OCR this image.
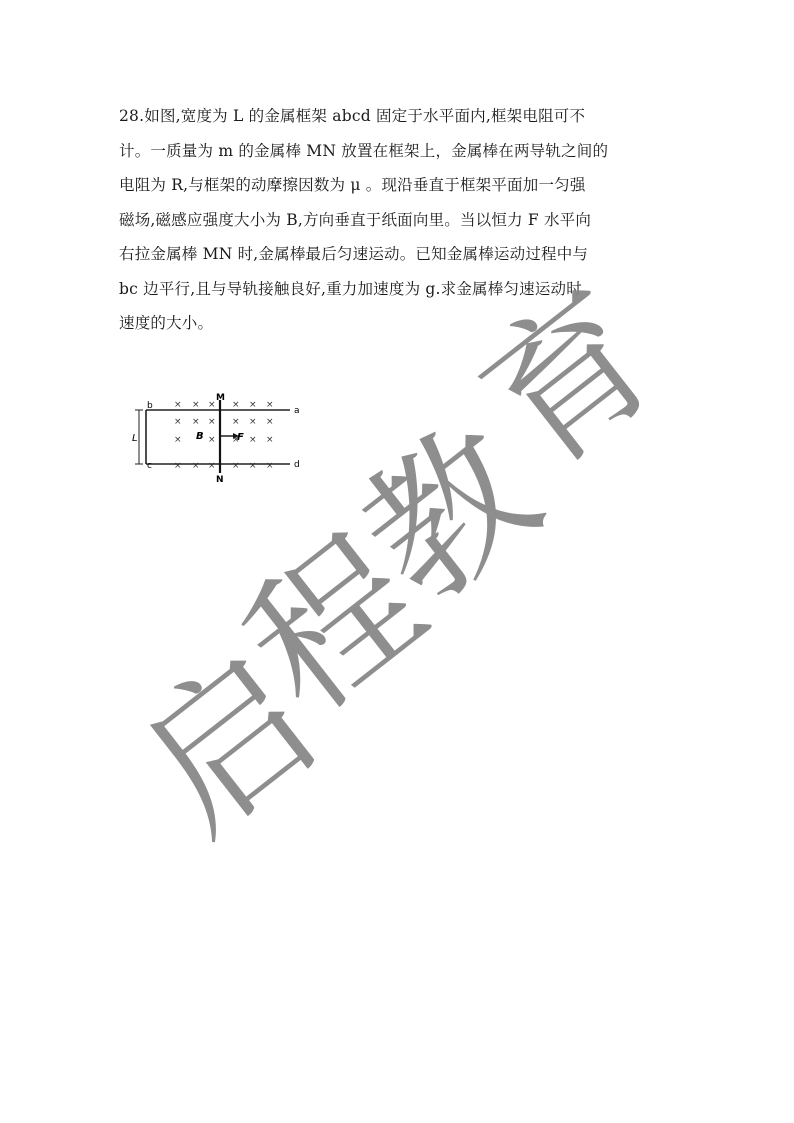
28.如图,宽度为 L 的金属框架 abcd 固定于水平面内,框架电阻可不
计。一质量为 m 的金属棒 MN 放置在框架上，金属棒在两导轨之间的
电阻为 R,与框架的动摩擦因数为 μ 。现沿垂直于框架平面加一匀强
磁场,磁感应强度大小为 B,方向垂直于纸面向里。当以恒力 F 水平向
右拉金属棒 MN 时,金属棒最后匀速运动。已知金属棒运动过程中与
bc 边平行,且与导轨接触良好,重力加速度为 g.求金属棒匀速运动时
速度的大小。
L
M
N
a
b
c	d
B	F
× × × × × ×
× × × × × ×
×	× × × ×
× × × × × ×
启
程
教
育
